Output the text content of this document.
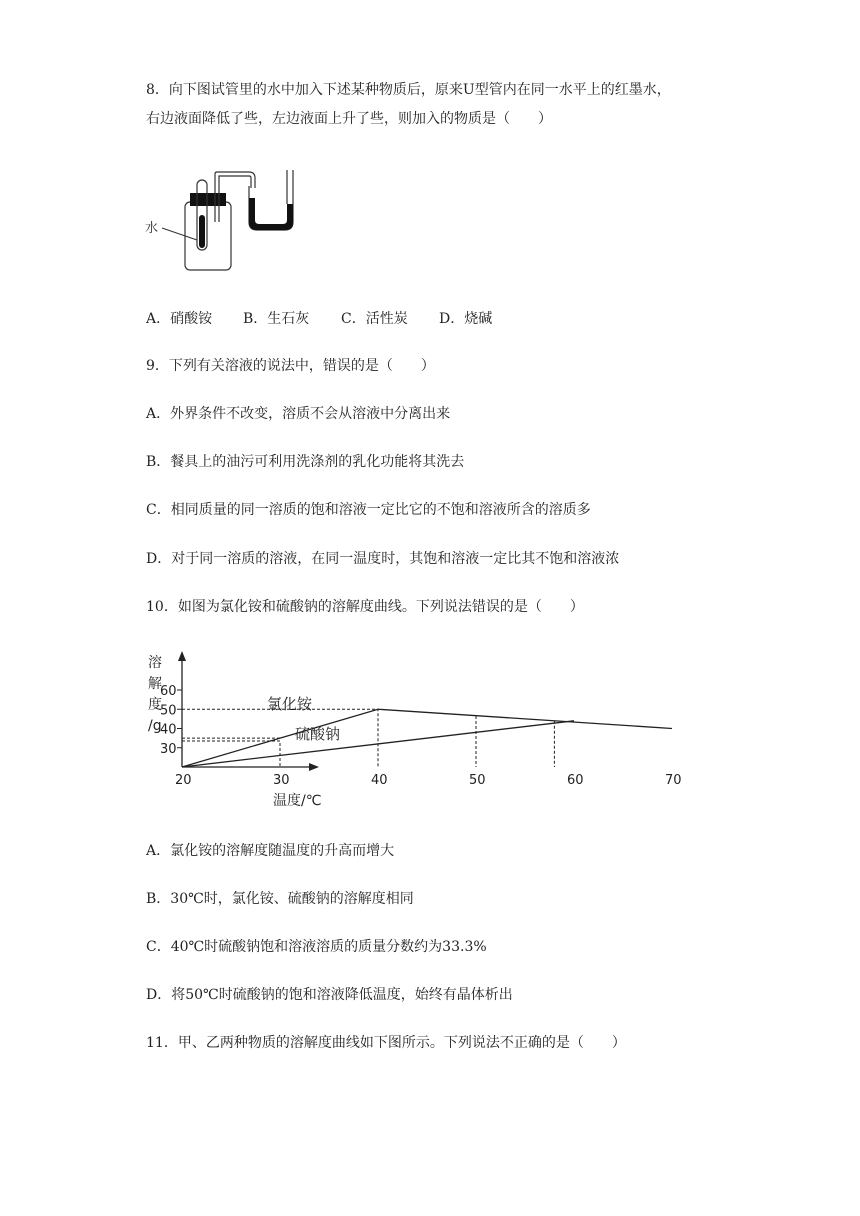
8．向下图试管里的水中加入下述某种物质后，原来U型管内在同一水平上的红墨水，
右边液面降低了些，左边液面上升了些，则加入的物质是（　　）
水
A．硝酸铵 B．生石灰 C．活性炭 D．烧碱
9．下列有关溶液的说法中，错误的是（　　）
A．外界条件不改变，溶质不会从溶液中分离出来
B．餐具上的油污可利用洗涤剂的乳化功能将其洗去
C．相同质量的同一溶质的饱和溶液一定比它的不饱和溶液所含的溶质多
D．对于同一溶质的溶液，在同一温度时，其饱和溶液一定比其不饱和溶液浓
10．如图为氯化铵和硫酸钠的溶解度曲线。下列说法错误的是（　　）
溶
解
度
/g
30
40
50
60
20	30	40	50	60	70
温度/℃
氯化铵
硫酸钠
A．氯化铵的溶解度随温度的升高而增大
B．30℃时，氯化铵、硫酸钠的溶解度相同
C．40℃时硫酸钠饱和溶液溶质的质量分数约为33.3%
D．将50℃时硫酸钠的饱和溶液降低温度，始终有晶体析出
11．甲、乙两种物质的溶解度曲线如下图所示。下列说法不正确的是（　　）
